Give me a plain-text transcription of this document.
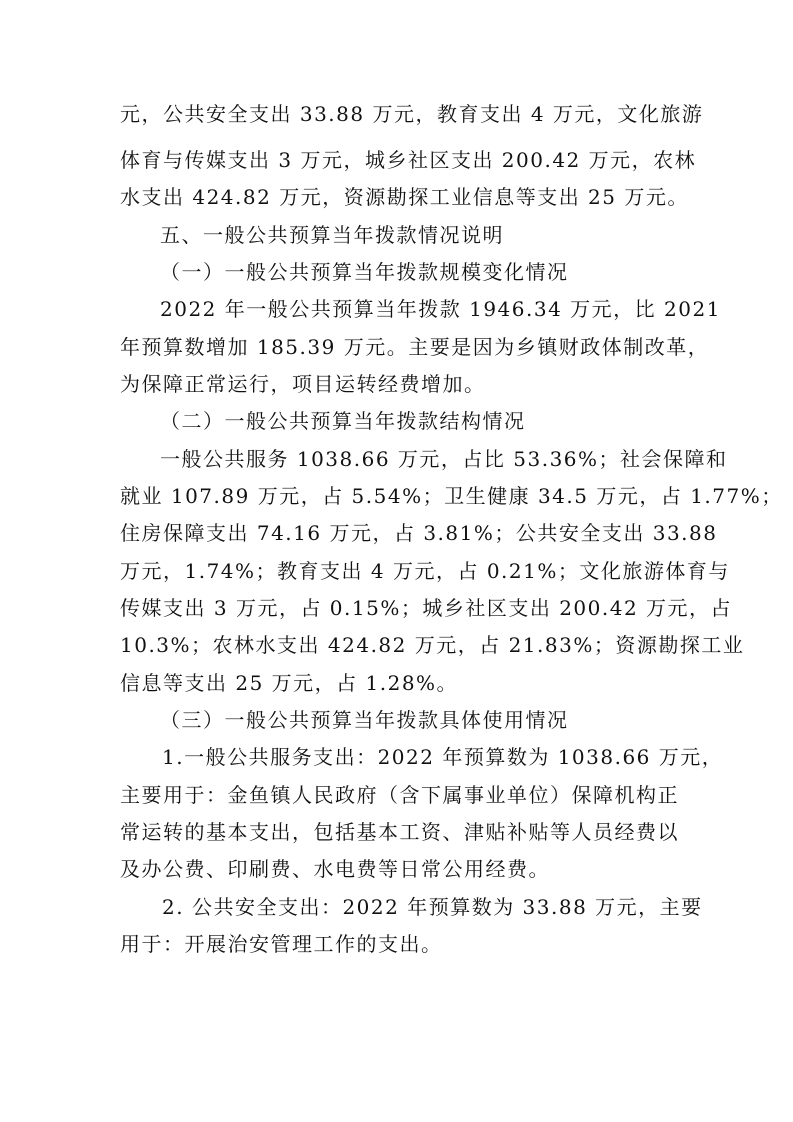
元，公共安全支出 33.88 万元，教育支出 4 万元，文化旅游
体育与传媒支出 3 万元，城乡社区支出 200.42 万元，农林
水支出 424.82 万元，资源勘探工业信息等支出 25 万元。
五、一般公共预算当年拨款情况说明
（一）一般公共预算当年拨款规模变化情况
2022 年一般公共预算当年拨款 1946.34 万元，比 2021
年预算数增加 185.39 万元。主要是因为乡镇财政体制改革，
为保障正常运行，项目运转经费增加。
（二）一般公共预算当年拨款结构情况
一般公共服务 1038.66 万元，占比 53.36%；社会保障和
就业 107.89 万元，占 5.54%；卫生健康 34.5 万元，占 1.77%；
住房保障支出 74.16 万元，占 3.81%；公共安全支出 33.88
万元，1.74%；教育支出 4 万元，占 0.21%；文化旅游体育与
传媒支出 3 万元，占 0.15%；城乡社区支出 200.42 万元，占
10.3%；农林水支出 424.82 万元，占 21.83%；资源勘探工业
信息等支出 25 万元，占 1.28%。
（三）一般公共预算当年拨款具体使用情况
1.一般公共服务支出：2022 年预算数为 1038.66 万元，
主要用于：金鱼镇人民政府（含下属事业单位）保障机构正
常运转的基本支出，包括基本工资、津贴补贴等人员经费以
及办公费、印刷费、水电费等日常公用经费。
2. 公共安全支出：2022 年预算数为 33.88 万元，主要
用于：开展治安管理工作的支出。
